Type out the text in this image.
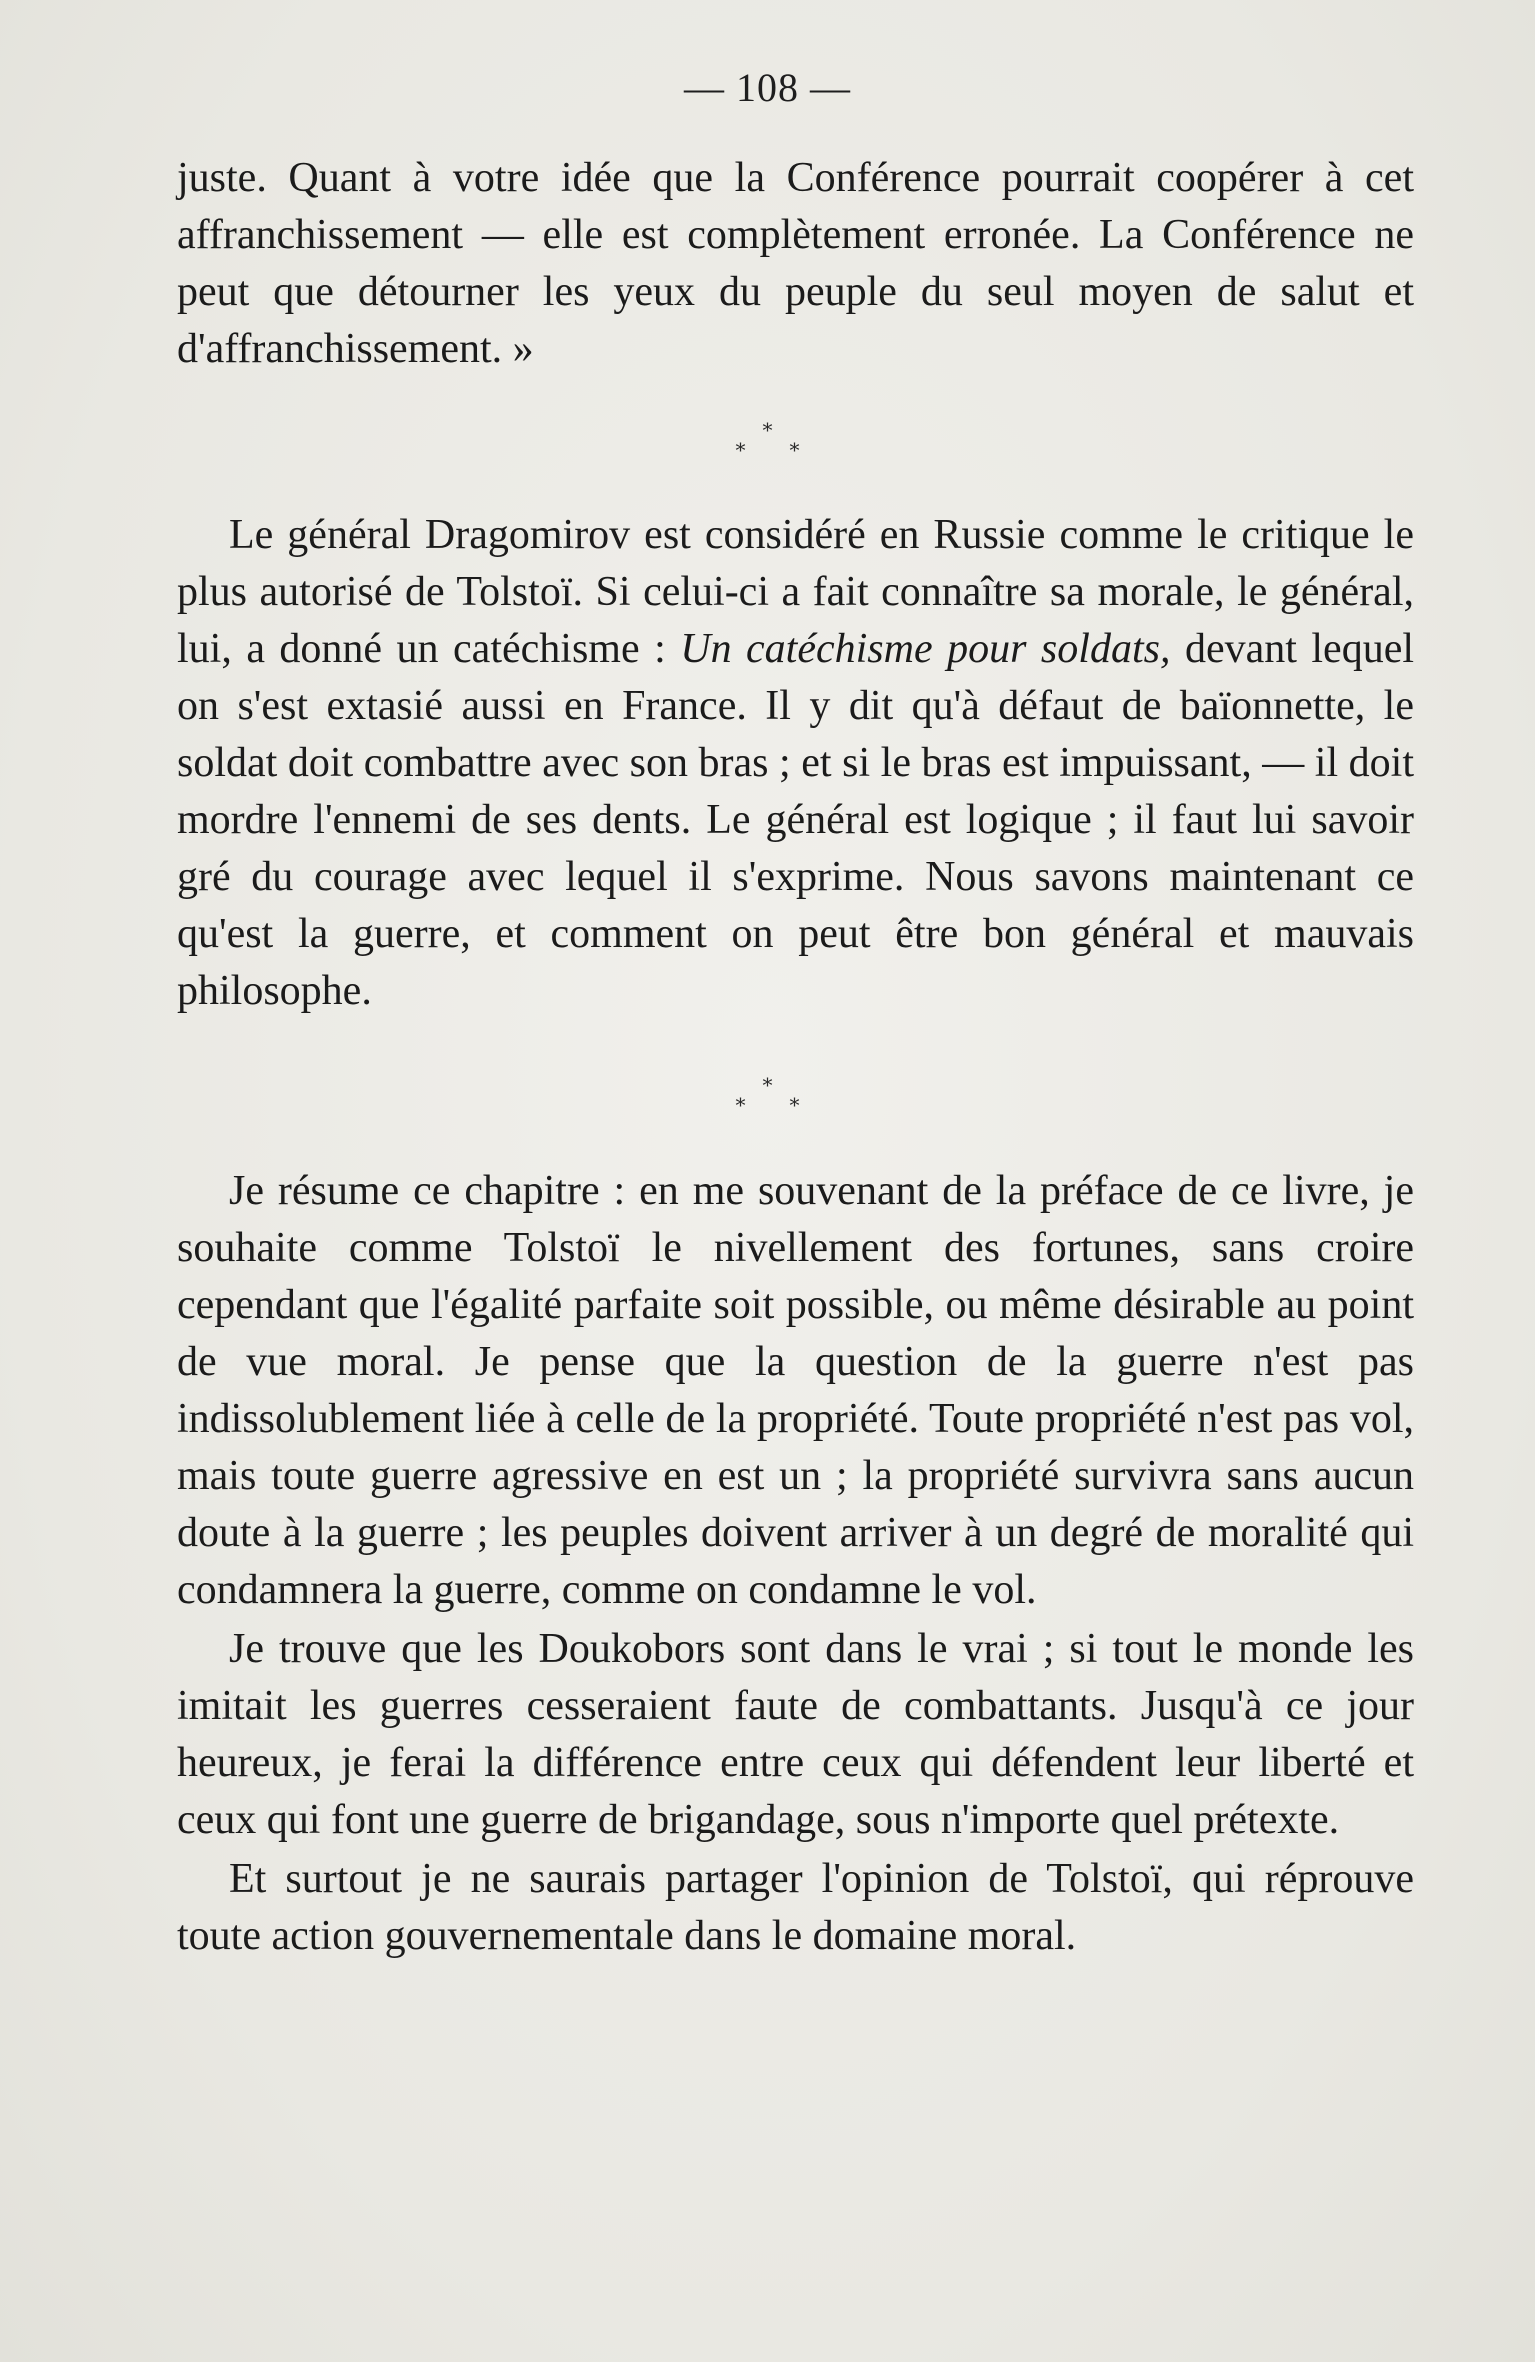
— 108 —

juste. Quant à votre idée que la Conférence pourrait coopérer à cet affranchissement — elle est complètement erronée. La Conférence ne peut que détourner les yeux du peuple du seul moyen de salut et d'affranchissement. »

*
**

Le général Dragomirov est considéré en Russie comme le critique le plus autorisé de Tolstoï. Si celui-ci a fait connaître sa morale, le général, lui, a donné un catéchisme : Un catéchisme pour soldats, devant lequel on s'est extasié aussi en France. Il y dit qu'à défaut de baïonnette, le soldat doit combattre avec son bras ; et si le bras est impuissant, — il doit mordre l'ennemi de ses dents. Le général est logique ; il faut lui savoir gré du courage avec lequel il s'exprime. Nous savons maintenant ce qu'est la guerre, et comment on peut être bon général et mauvais philosophe.

*
**

Je résume ce chapitre : en me souvenant de la préface de ce livre, je souhaite comme Tolstoï le nivellement des fortunes, sans croire cependant que l'égalité parfaite soit possible, ou même désirable au point de vue moral. Je pense que la question de la guerre n'est pas indissolublement liée à celle de la propriété. Toute propriété n'est pas vol, mais toute guerre agressive en est un ; la propriété survivra sans aucun doute à la guerre ; les peuples doivent arriver à un degré de moralité qui condamnera la guerre, comme on condamne le vol.

Je trouve que les Doukobors sont dans le vrai ; si tout le monde les imitait les guerres cesseraient faute de combattants. Jusqu'à ce jour heureux, je ferai la différence entre ceux qui défendent leur liberté et ceux qui font une guerre de brigandage, sous n'importe quel prétexte.

Et surtout je ne saurais partager l'opinion de Tolstoï, qui réprouve toute action gouvernementale dans le domaine moral.
